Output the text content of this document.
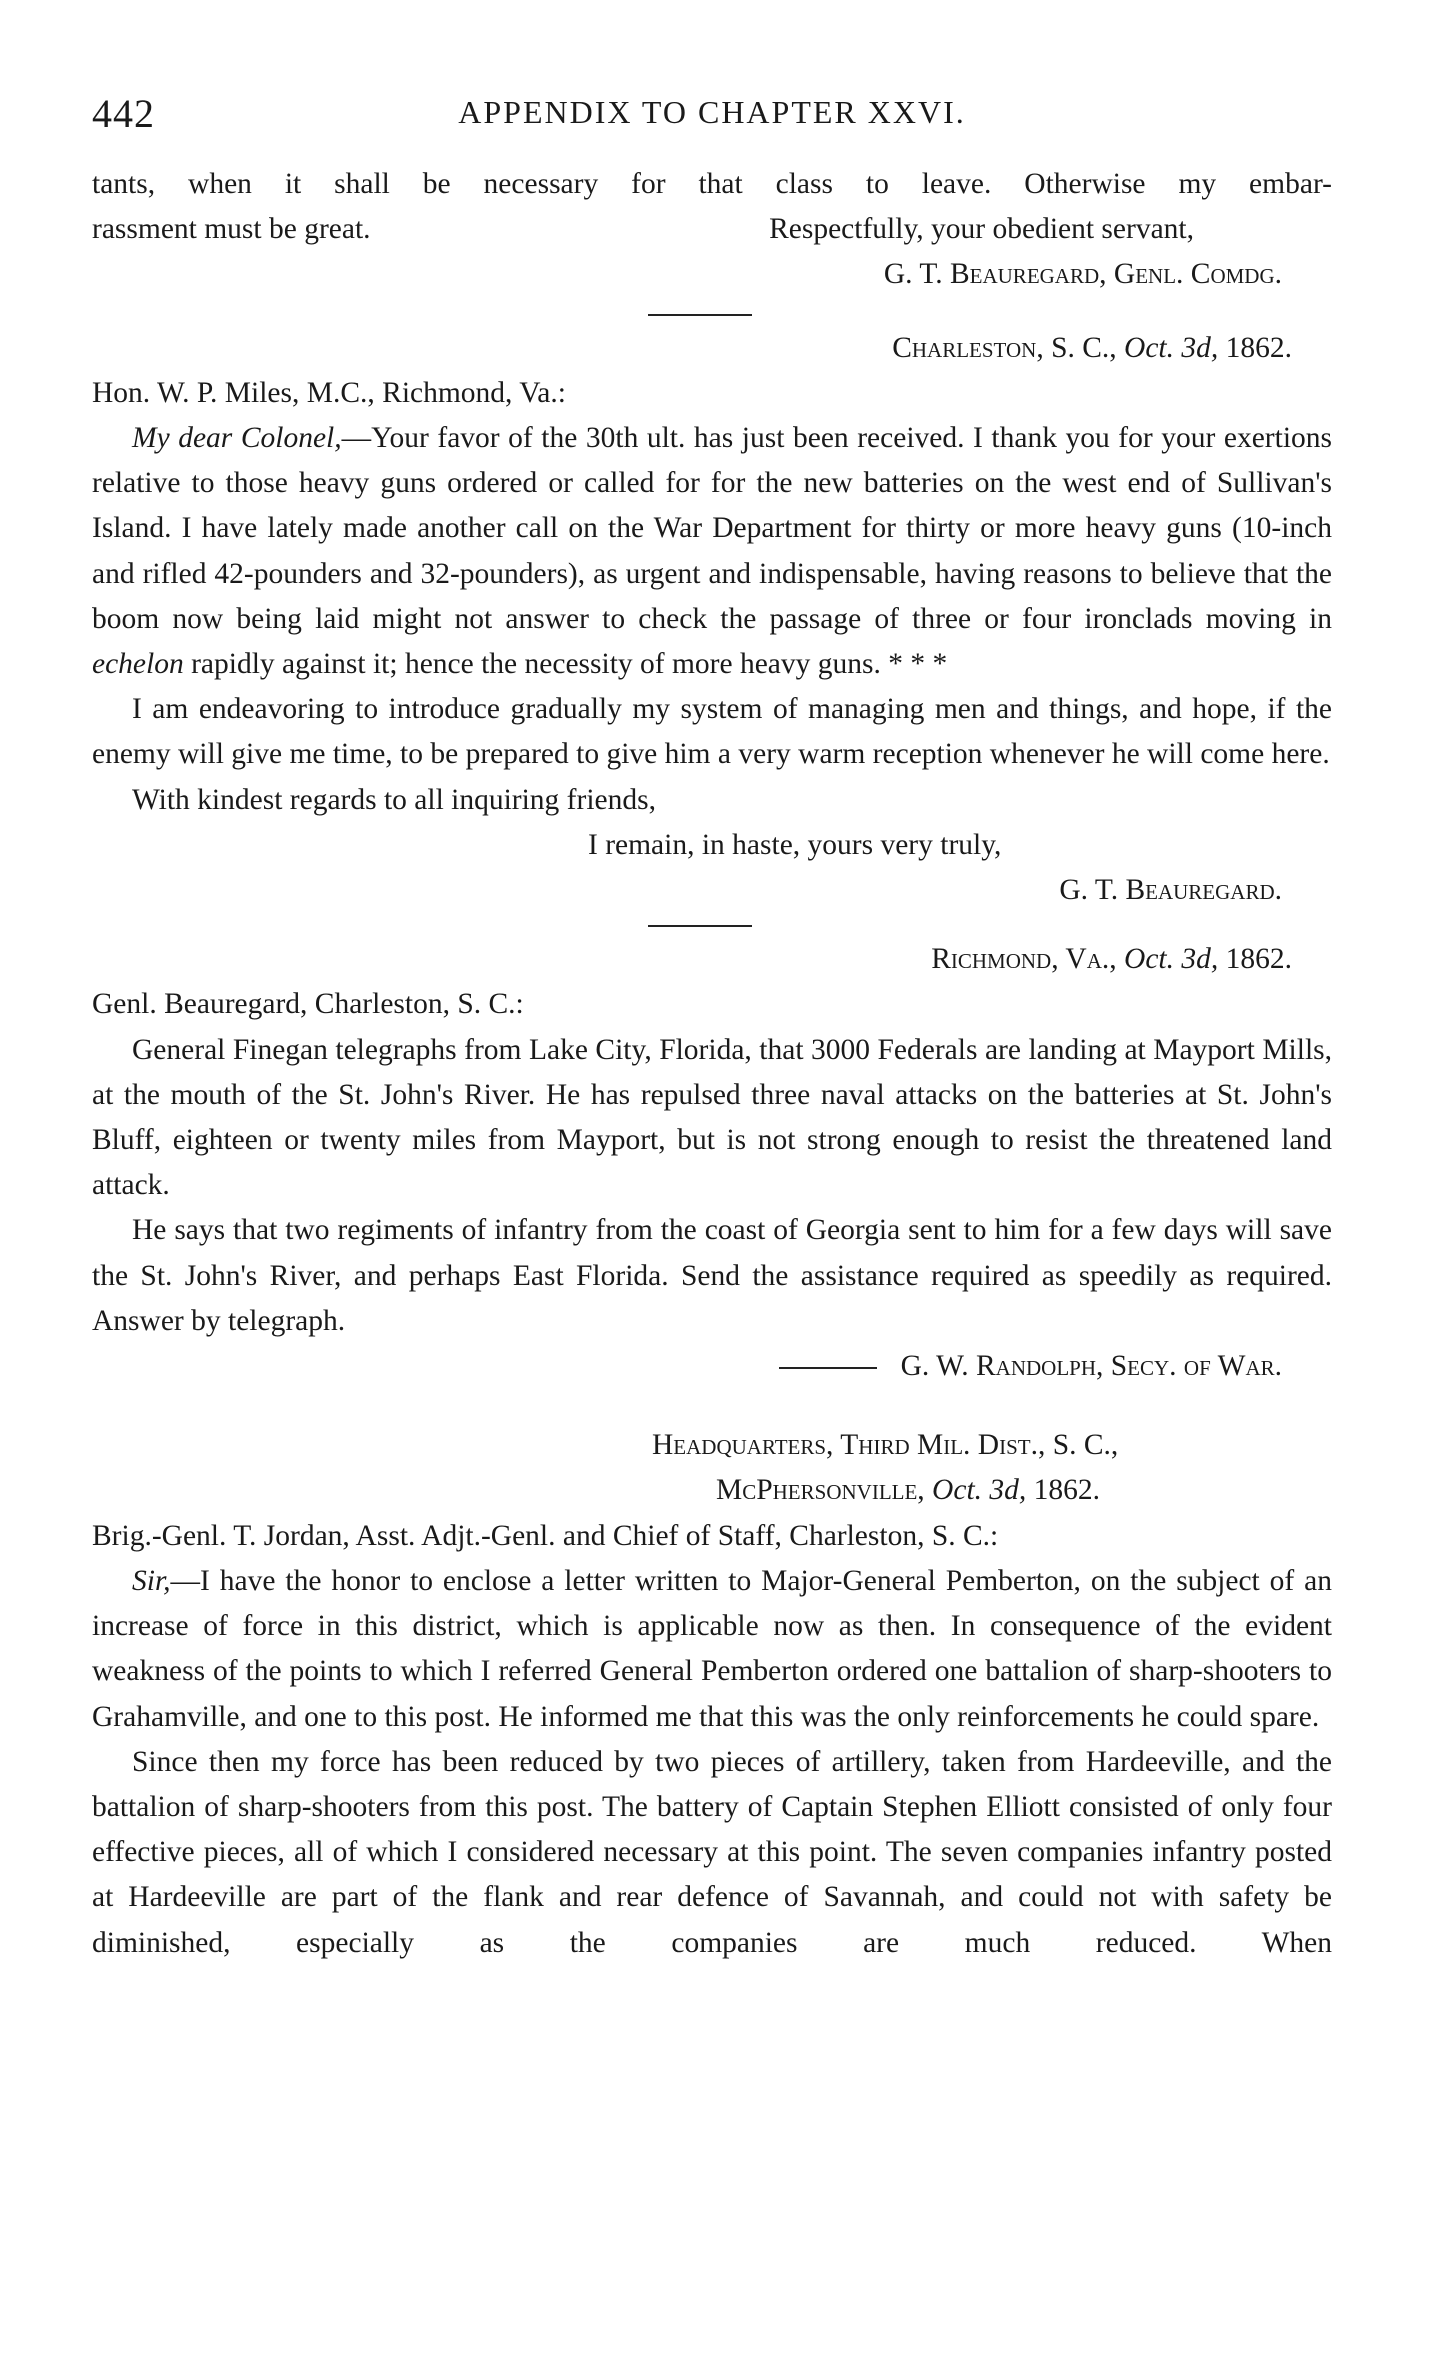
442	APPENDIX TO CHAPTER XXVI.

tants, when it shall be necessary for that class to leave. Otherwise my embar-

rassment must be great.	Respectfully, your obedient servant,

G. T. Beauregard, Genl. Comdg.

Charleston, S. C., Oct. 3d, 1862.

Hon. W. P. Miles, M.C., Richmond, Va.:

My dear Colonel,—Your favor of the 30th ult. has just been received. I thank you for your exertions relative to those heavy guns ordered or called for for the new batteries on the west end of Sullivan's Island. I have lately made another call on the War Department for thirty or more heavy guns (10-inch and rifled 42-pounders and 32-pounders), as urgent and indispensable, having reasons to believe that the boom now being laid might not answer to check the passage of three or four ironclads moving in echelon rapidly against it; hence the necessity of more heavy guns. * * *

I am endeavoring to introduce gradually my system of managing men and things, and hope, if the enemy will give me time, to be prepared to give him a very warm reception whenever he will come here.

With kindest regards to all inquiring friends,

I remain, in haste, yours very truly,

G. T. Beauregard.

Richmond, Va., Oct. 3d, 1862.

Genl. Beauregard, Charleston, S. C.:

General Finegan telegraphs from Lake City, Florida, that 3000 Federals are landing at Mayport Mills, at the mouth of the St. John's River. He has repulsed three naval attacks on the batteries at St. John's Bluff, eighteen or twenty miles from Mayport, but is not strong enough to resist the threatened land attack.

He says that two regiments of infantry from the coast of Georgia sent to him for a few days will save the St. John's River, and perhaps East Florida. Send the assistance required as speedily as required. Answer by telegraph.

G. W. Randolph, Secy. of War.

Headquarters, Third Mil. Dist., S. C.,

McPhersonville, Oct. 3d, 1862.

Brig.-Genl. T. Jordan, Asst. Adjt.-Genl. and Chief of Staff, Charleston, S. C.:

Sir,—I have the honor to enclose a letter written to Major-General Pemberton, on the subject of an increase of force in this district, which is applicable now as then. In consequence of the evident weakness of the points to which I referred General Pemberton ordered one battalion of sharp-shooters to Grahamville, and one to this post. He informed me that this was the only reinforcements he could spare.

Since then my force has been reduced by two pieces of artillery, taken from Hardeeville, and the battalion of sharp-shooters from this post. The battery of Captain Stephen Elliott consisted of only four effective pieces, all of which I considered necessary at this point. The seven companies infantry posted at Hardeeville are part of the flank and rear defence of Savannah, and could not with safety be diminished, especially as the companies are much reduced. When
